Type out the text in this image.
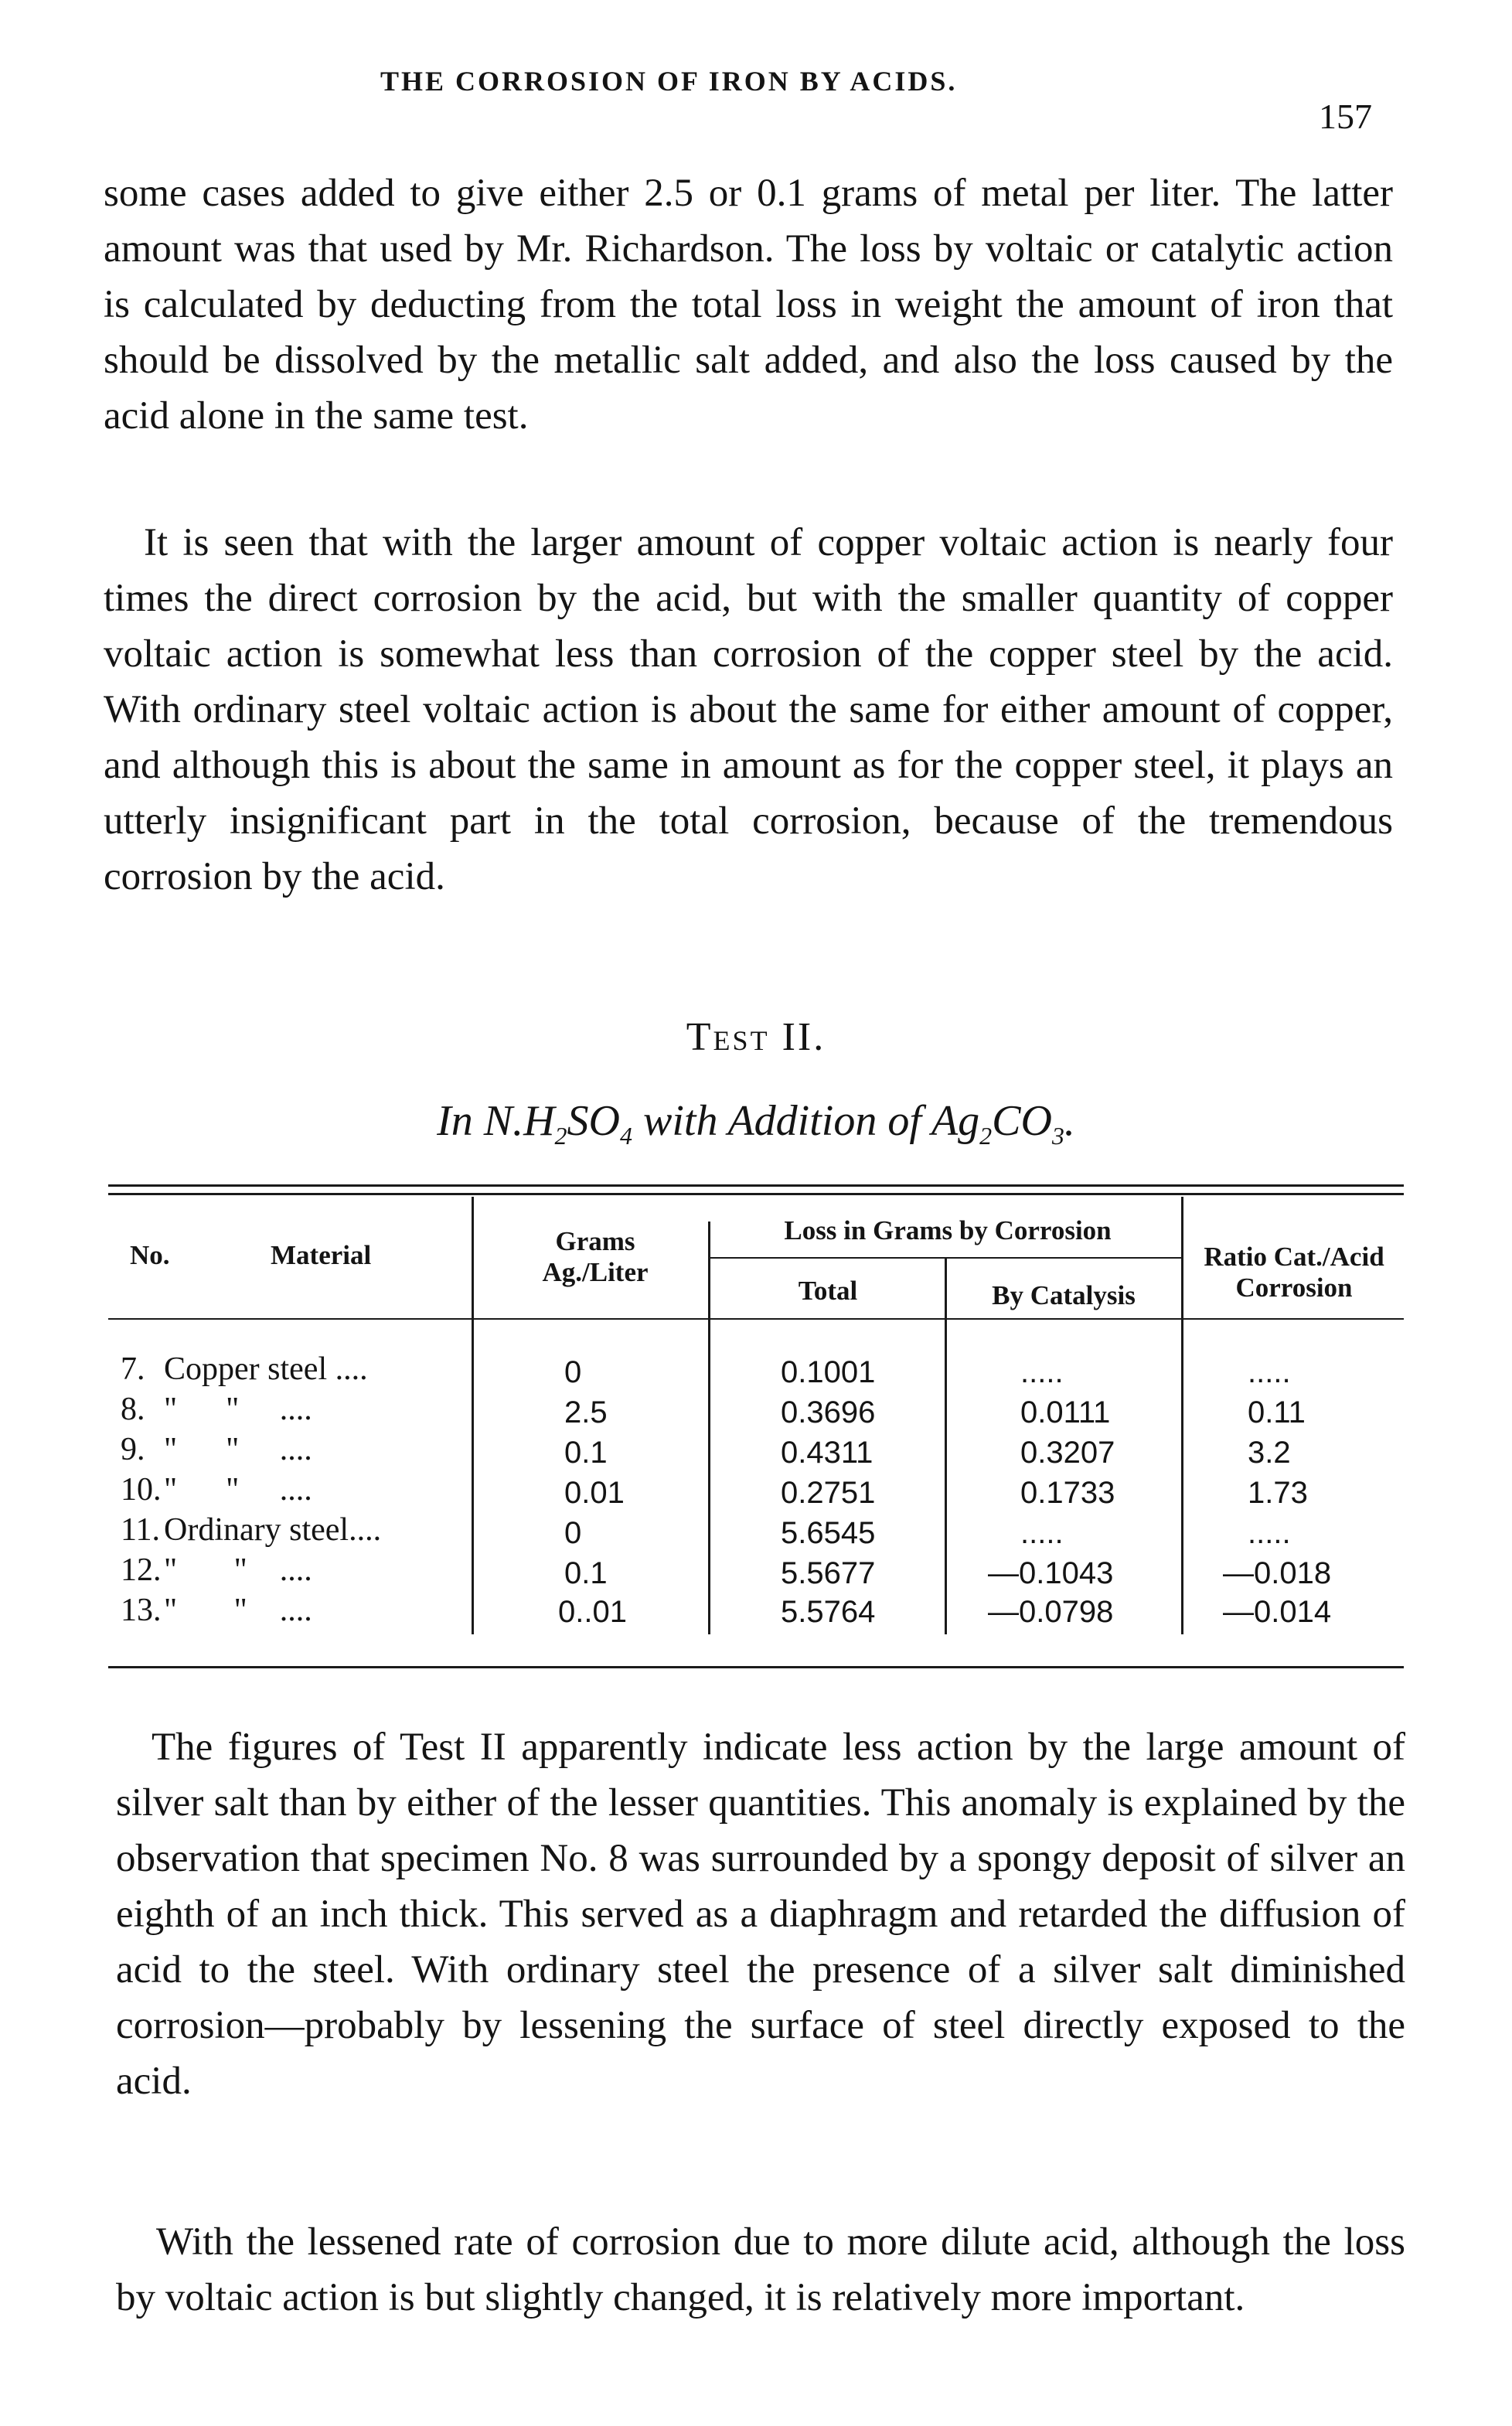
THE CORROSION OF IRON BY ACIDS.
157

some cases added to give either 2.5 or 0.1 grams of metal per liter. The latter amount was that used by Mr. Richardson. The loss by voltaic or catalytic action is calculated by deducting from the total loss in weight the amount of iron that should be dissolved by the metallic salt added, and also the loss caused by the acid alone in the same test.

It is seen that with the larger amount of copper voltaic action is nearly four times the direct corrosion by the acid, but with the smaller quantity of copper voltaic action is somewhat less than corrosion of the copper steel by the acid. With ordinary steel voltaic action is about the same for either amount of copper, and although this is about the same in amount as for the copper steel, it plays an utterly insignificant part in the total corrosion, because of the tremendous corrosion by the acid.

Test II.
In $N.H_2SO_4$ with Addition of $Ag_2CO_3$.
No.	Material	Grams
Ag./Liter
Loss in Grams by Corrosion
Total	By Catalysis
Ratio Cat./Acid
Corrosion
7. Copper steel ....	0	0.1001	.....	.....
8. "      "     ....	2.5	0.3696	0.0111	0.11
9. "      "     ....	0.1	0.4311	0.3207	3.2
10. "      "     ....	0.01	0.2751	0.1733	1.73
11. Ordinary steel....	0	5.6545	.....	.....
12. "       "    ....	0.1	5.5677	—0.1043	—0.018
13. "       "    ....	0..01	5.5764	—0.0798	—0.014

The figures of Test II apparently indicate less action by the large amount of silver salt than by either of the lesser quantities. This anomaly is explained by the observation that specimen No. 8 was surrounded by a spongy deposit of silver an eighth of an inch thick. This served as a diaphragm and retarded the diffusion of acid to the steel. With ordinary steel the presence of a silver salt diminished corrosion—probably by lessening the surface of steel directly exposed to the acid.

With the lessened rate of corrosion due to more dilute acid, although the loss by voltaic action is but slightly changed, it is relatively more important.
